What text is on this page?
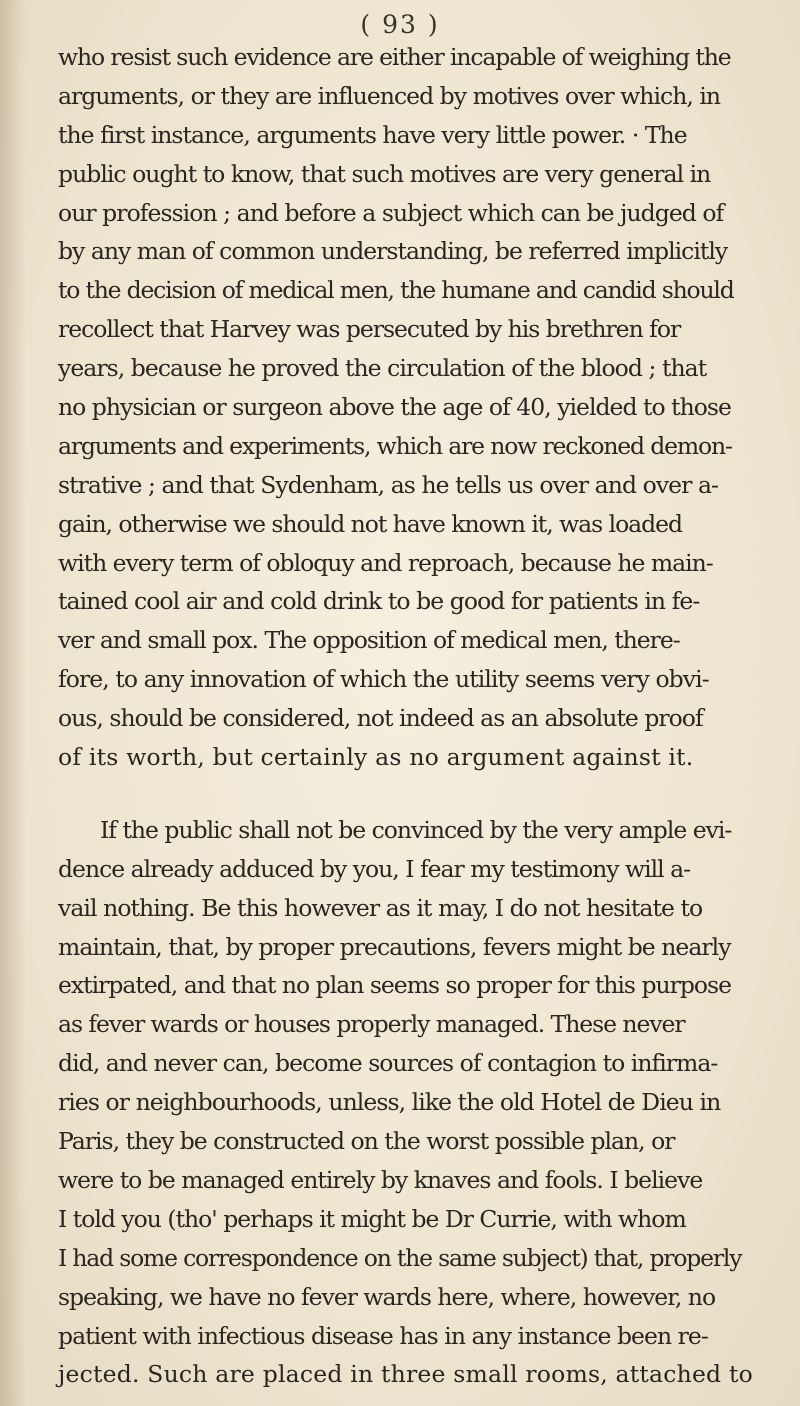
( 93 )
who resist such evidence are either incapable of weighing the
arguments, or they are influenced by motives over which, in
the first instance, arguments have very little power. · The
public ought to know, that such motives are very general in
our profession ; and before a subject which can be judged of
by any man of common understanding, be referred implicitly
to the decision of medical men, the humane and candid should
recollect that Harvey was persecuted by his brethren for
years, because he proved the circulation of the blood ; that
no physician or surgeon above the age of 40, yielded to those
arguments and experiments, which are now reckoned demon-
strative ; and that Sydenham, as he tells us over and over a-
gain, otherwise we should not have known it, was loaded
with every term of obloquy and reproach, because he main-
tained cool air and cold drink to be good for patients in fe-
ver and small pox. The opposition of medical men, there-
fore, to any innovation of which the utility seems very obvi-
ous, should be considered, not indeed as an absolute proof
of its worth, but certainly as no argument against it.
If the public shall not be convinced by the very ample evi-
dence already adduced by you, I fear my testimony will a-
vail nothing. Be this however as it may, I do not hesitate to
maintain, that, by proper precautions, fevers might be nearly
extirpated, and that no plan seems so proper for this purpose
as fever wards or houses properly managed. These never
did, and never can, become sources of contagion to infirma-
ries or neighbourhoods, unless, like the old Hotel de Dieu in
Paris, they be constructed on the worst possible plan, or
were to be managed entirely by knaves and fools. I believe
I told you (tho' perhaps it might be Dr Currie, with whom
I had some correspondence on the same subject) that, properly
speaking, we have no fever wards here, where, however, no
patient with infectious disease has in any instance been re-
jected. Such are placed in three small rooms, attached to
